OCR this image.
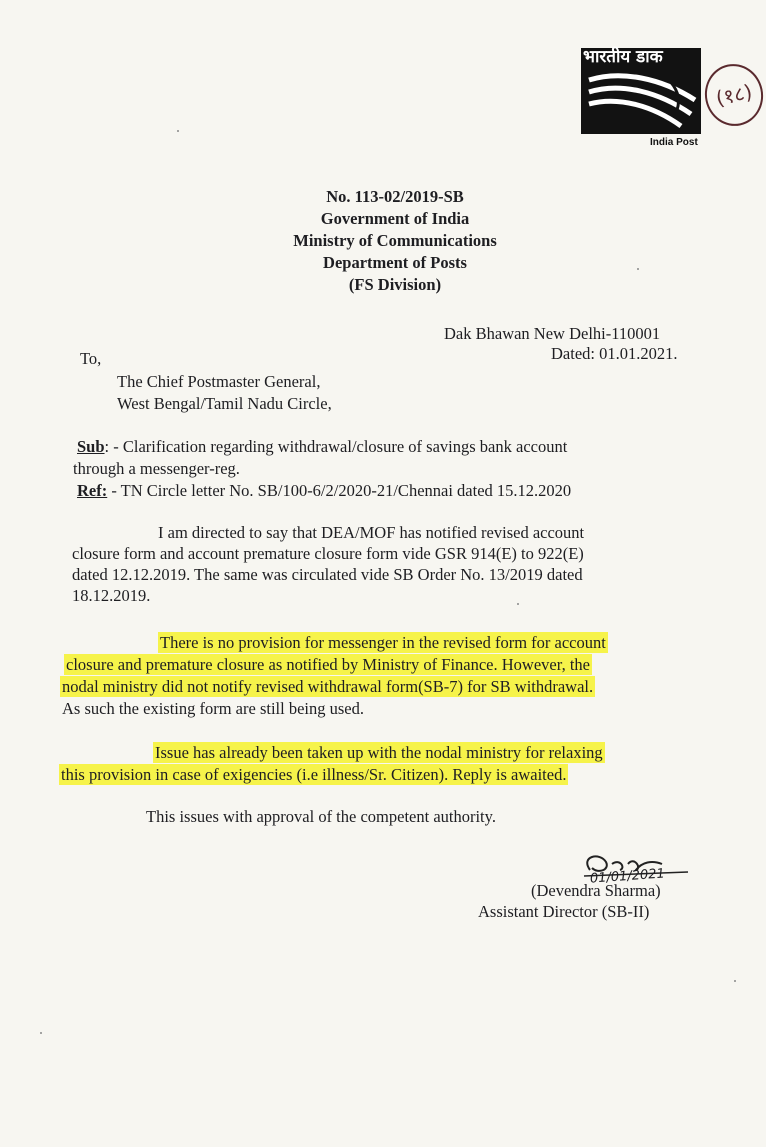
भारतीय डाक
India Post
(१८)
No. 113-02/2019-SB
Government of India
Ministry of Communications
Department of Posts
(FS Division)
Dak Bhawan New Delhi-110001
Dated: 01.01.2021.
To,
The Chief Postmaster General,
West Bengal/Tamil Nadu Circle,
Sub: - Clarification regarding withdrawal/closure of savings bank account
through a messenger-reg.
Ref: - TN Circle letter No. SB/100-6/2/2020-21/Chennai dated 15.12.2020
I am directed to say that DEA/MOF has notified revised account
closure form and account premature closure form vide GSR 914(E) to 922(E)
dated 12.12.2019. The same was circulated vide SB Order No. 13/2019 dated
18.12.2019.
There is no provision for messenger in the revised form for account
closure and premature closure as notified by Ministry of Finance. However, the
nodal ministry did not notify revised withdrawal form(SB-7) for SB withdrawal.
As such the existing form are still being used.
Issue has already been taken up with the nodal ministry for relaxing
this provision in case of exigencies (i.e illness/Sr. Citizen). Reply is awaited.
This issues with approval of the competent authority.
01/01/2021
(Devendra Sharma)
Assistant Director (SB-II)
